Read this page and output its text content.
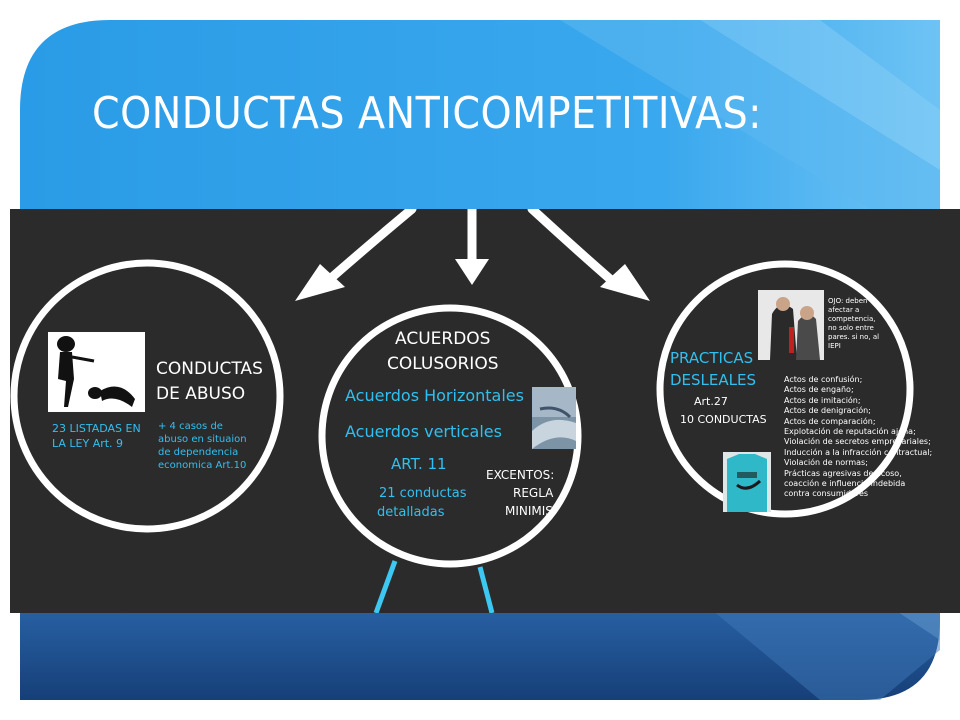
CONDUCTAS ANTICOMPETITIVAS:
CONDUCTAS
DE ABUSO
23 LISTADAS EN
LA LEY Art. 9
+ 4 casos de
abuso en situaion
de dependencia
economica Art.10
ACUERDOS
COLUSORIOS
Acuerdos Horizontales
Acuerdos verticales
ART. 11
21 conductas
detalladas
EXCENTOS:
REGLA
MINIMIS
PRACTICAS
DESLEALES
Art.27
10 CONDUCTAS
OJO: deben
afectar a
competencia,
no solo entre
pares. si no, al
IEPI
Actos de confusión;
Actos de engaño;
Actos de imitación;
Actos de denigración;
Actos de comparación;
Explotación de reputación ajena;
Violación de secretos empresariales;
Inducción a la infracción contractual;
Violación de normas;
Prácticas agresivas de acoso,
coacción e influencia indebida
contra consumidores
